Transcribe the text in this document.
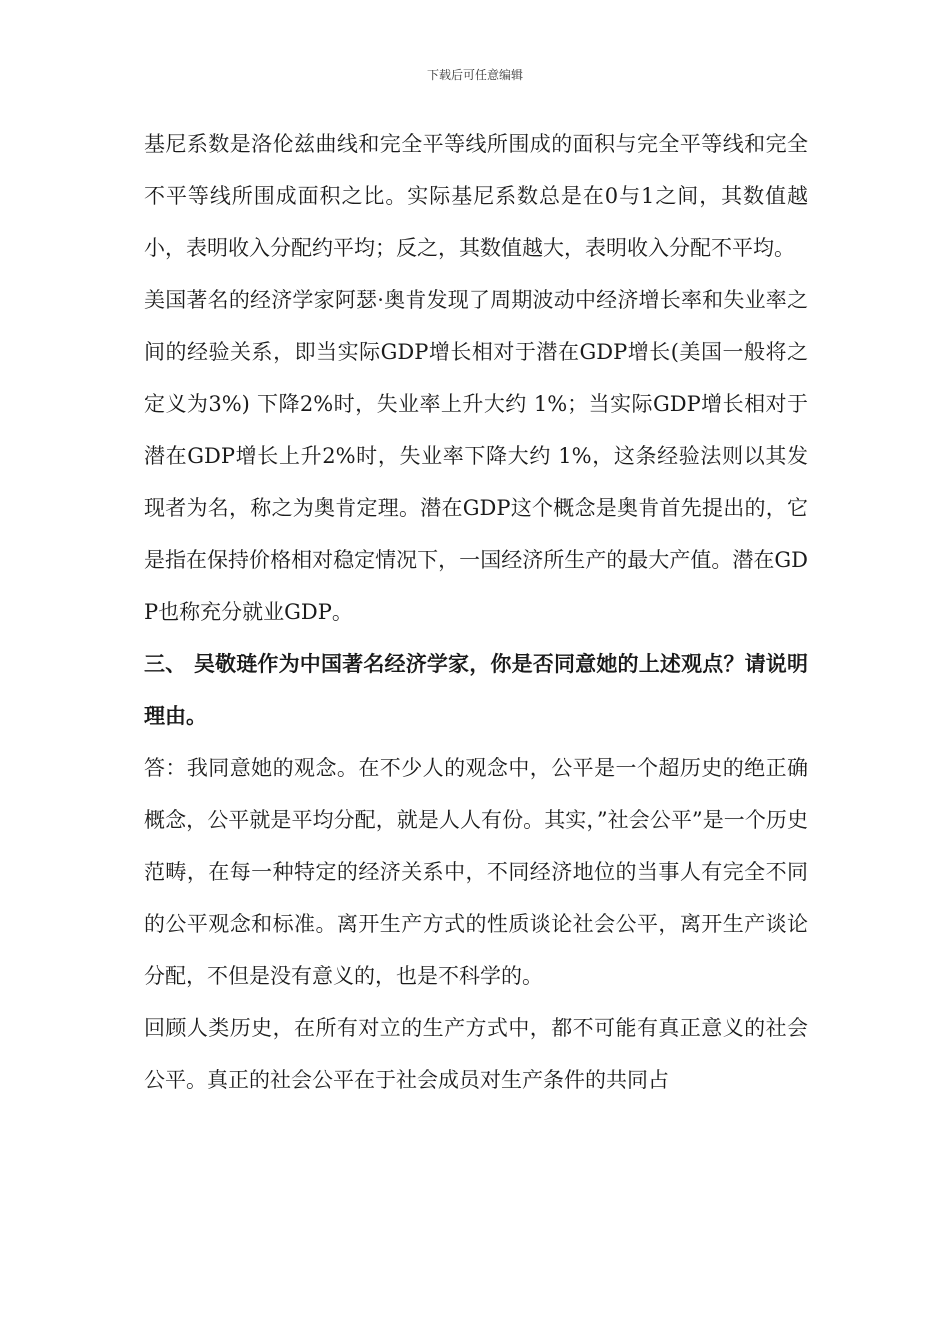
下载后可任意编辑

基尼系数是洛伦兹曲线和完全平等线所围成的面积与完全平等线和完全不平等线所围成面积之比。实际基尼系数总是在0与1之间，其数值越小，表明收入分配约平均；反之，其数值越大，表明收入分配不平均。

美国著名的经济学家阿瑟·奥肯发现了周期波动中经济增长率和失业率之间的经验关系，即当实际GDP增长相对于潜在GDP增长(美国一般将之定义为3%) 下降2%时，失业率上升大约 1%；当实际GDP增长相对于潜在GDP增长上升2%时，失业率下降大约 1%，这条经验法则以其发现者为名，称之为奥肯定理。潜在GDP这个概念是奥肯首先提出的，它是指在保持价格相对稳定情况下，一国经济所生产的最大产值。潜在GDP也称充分就业GDP。

三、 吴敬琏作为中国著名经济学家，你是否同意她的上述观点？请说明理由。

答：我同意她的观念。在不少人的观念中，公平是一个超历史的绝正确概念，公平就是平均分配，就是人人有份。其实，”社会公平”是一个历史范畴，在每一种特定的经济关系中，不同经济地位的当事人有完全不同的公平观念和标准。离开生产方式的性质谈论社会公平，离开生产谈论分配，不但是没有意义的，也是不科学的。

回顾人类历史，在所有对立的生产方式中，都不可能有真正意义的社会公平。真正的社会公平在于社会成员对生产条件的共同占
